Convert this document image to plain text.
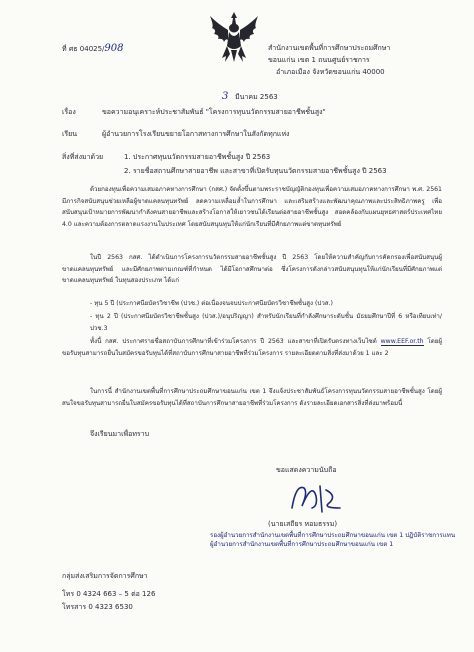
ที่ ศธ 04025/908	สำนักงานเขตพื้นที่การศึกษาประถมศึกษา
ขอนแก่น เขต 1 ถนนศูนย์ราชการ
อำเภอเมือง จังหวัดขอนแก่น 40000
3 มีนาคม 2563
เรื่อง	ขอความอนุเคราะห์ประชาสัมพันธ์ "โครงการทุนนวัตกรรมสายอาชีพชั้นสูง"
เรียน	ผู้อำนวยการโรงเรียนขยายโอกาสทางการศึกษาในสังกัดทุกแห่ง
สิ่งที่ส่งมาด้วย	1. ประกาศทุนนวัตกรรมสายอาชีพชั้นสูง ปี 2563
2. รายชื่อสถานศึกษาสายอาชีพ และสาขาที่เปิดรับทุนนวัตกรรมสายอาชีพชั้นสูง ปี 2563
ด้วยกองทุนเพื่อความเสมอภาคทางการศึกษา (กสศ.) จัดตั้งขึ้นตามพระราชบัญญัติกองทุนเพื่อความเสมอภาคทางการศึกษา พ.ศ. 2561 มีภารกิจสนับสนุนช่วยเหลือผู้ขาดแคลนทุนทรัพย์ ลดความเหลื่อมล้ำในการศึกษา และเสริมสร้างและพัฒนาคุณภาพและประสิทธิภาพครู เพื่อสนับสนุนเป้าหมายการพัฒนากำลังคนสายอาชีพและสร้างโอกาสให้เยาวชนได้เรียนต่อสายอาชีพชั้นสูง สอดคล้องกับแผนยุทธศาสตร์ประเทศไทย 4.0 และความต้องการตลาดแรงงานในประเทศ โดยสนับสนุนทุนให้แก่นักเรียนที่มีศักยภาพแต่ขาดทุนทรัพย์
ในปี 2563 กสศ. ได้ดำเนินการโครงการนวัตกรรมสายอาชีพชั้นสูง ปี 2563 โดยให้ความสำคัญกับการคัดกรองเพื่อสนับสนุนผู้ขาดแคลนทุนทรัพย์ และมีศักยภาพตามเกณฑ์ที่กำหนด ได้มีโอกาสศึกษาต่อ ซึ่งโครงการดังกล่าวสนับสนุนทุนให้แก่นักเรียนที่มีศักยภาพแต่ขาดแคลนทุนทรัพย์ ในทุนสองประเภท ได้แก่
- ทุน 5 ปี (ประกาศนียบัตรวิชาชีพ (ปวช.) ต่อเนื่องจนจบประกาศนียบัตรวิชาชีพชั้นสูง (ปวส.)
- ทุน 2 ปี (ประกาศนียบัตรวิชาชีพชั้นสูง (ปวส.)/อนุปริญญา) สำหรับนักเรียนที่กำลังศึกษาระดับชั้น มัธยมศึกษาปีที่ 6 หรือเทียบเท่า/ปวช.3
ทั้งนี้ กสศ. ประกาศรายชื่อสถาบันการศึกษาที่เข้าร่วมโครงการ ปี 2563 และสาขาที่เปิดรับตรงทางเว็บไซต์ www.EEF.or.th โดยผู้ขอรับทุนสามารถยื่นใบสมัครขอรับทุนได้ที่สถาบันการศึกษาสายอาชีพที่ร่วมโครงการ รายละเอียดตามสิ่งที่ส่งมาด้วย 1 และ 2
ในการนี้ สำนักงานเขตพื้นที่การศึกษาประถมศึกษาขอนแก่น เขต 1 จึงแจ้งประชาสัมพันธ์โครงการทุนนวัตกรรมสายอาชีพชั้นสูง โดยผู้สนใจขอรับทุนสามารถยื่นใบสมัครขอรับทุนได้ที่สถาบันการศึกษาสายอาชีพที่ร่วมโครงการ ดังรายละเอียดเอกสารสิ่งที่ส่งมาพร้อมนี้
จึงเรียนมาเพื่อทราบ
ขอแสดงความนับถือ
(นายเสถียร หอมธรรม)
รองผู้อำนวยการสำนักงานเขตพื้นที่การศึกษาประถมศึกษาขอนแก่น เขต 1 ปฏิบัติราชการแทน
ผู้อำนวยการสำนักงานเขตพื้นที่การศึกษาประถมศึกษาขอนแก่น เขต 1
กลุ่มส่งเสริมการจัดการศึกษา
โทร 0 4324 663 – 5 ต่อ 126
โทรสาร 0 4323 6530
